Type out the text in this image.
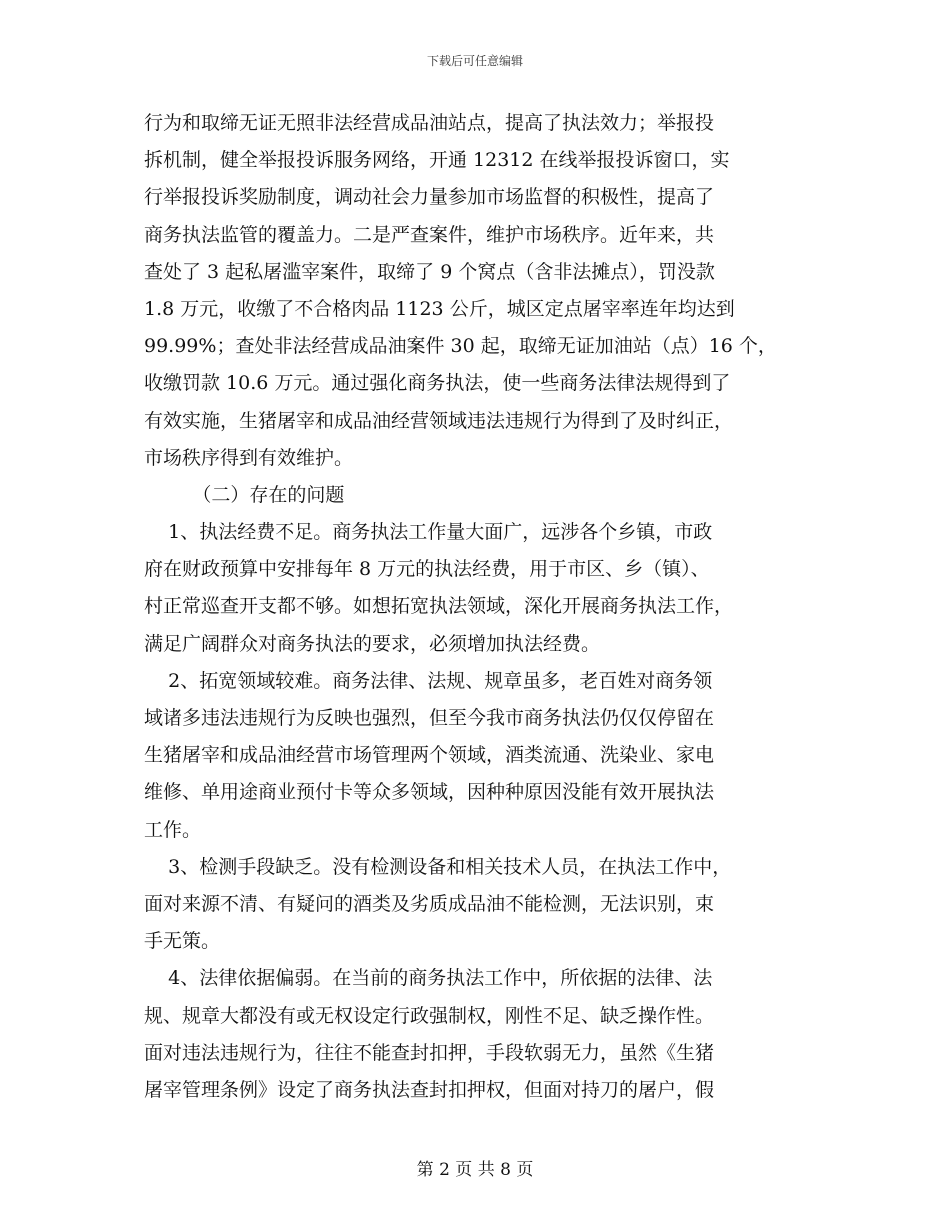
下载后可任意编辑
行为和取缔无证无照非法经营成品油站点，提高了执法效力；举报投
拆机制，健全举报投诉服务网络，开通 12312 在线举报投诉窗口，实
行举报投诉奖励制度，调动社会力量参加市场监督的积极性，提高了
商务执法监管的覆盖力。二是严查案件，维护市场秩序。近年来，共
查处了 3 起私屠滥宰案件，取缔了 9 个窝点（含非法摊点），罚没款
1.8 万元，收缴了不合格肉品 1123 公斤，城区定点屠宰率连年均达到
99.99%；查处非法经营成品油案件 30 起，取缔无证加油站（点）16 个，
收缴罚款 10.6 万元。通过强化商务执法，使一些商务法律法规得到了
有效实施，生猪屠宰和成品油经营领域违法违规行为得到了及时纠正，
市场秩序得到有效维护。
（二）存在的问题
1、执法经费不足。商务执法工作量大面广，远涉各个乡镇，市政
府在财政预算中安排每年 8 万元的执法经费，用于市区、乡（镇）、
村正常巡查开支都不够。如想拓宽执法领域，深化开展商务执法工作，
满足广阔群众对商务执法的要求，必须增加执法经费。
2、拓宽领域较难。商务法律、法规、规章虽多，老百姓对商务领
域诸多违法违规行为反映也强烈，但至今我市商务执法仍仅仅停留在
生猪屠宰和成品油经营市场管理两个领域，酒类流通、洗染业、家电
维修、单用途商业预付卡等众多领域，因种种原因没能有效开展执法
工作。
3、检测手段缺乏。没有检测设备和相关技术人员，在执法工作中，
面对来源不清、有疑问的酒类及劣质成品油不能检测，无法识别，束
手无策。
4、法律依据偏弱。在当前的商务执法工作中，所依据的法律、法
规、规章大都没有或无权设定行政强制权，刚性不足、缺乏操作性。
面对违法违规行为，往往不能查封扣押，手段软弱无力，虽然《生猪
屠宰管理条例》设定了商务执法查封扣押权，但面对持刀的屠户，假
第 2 页 共 8 页
